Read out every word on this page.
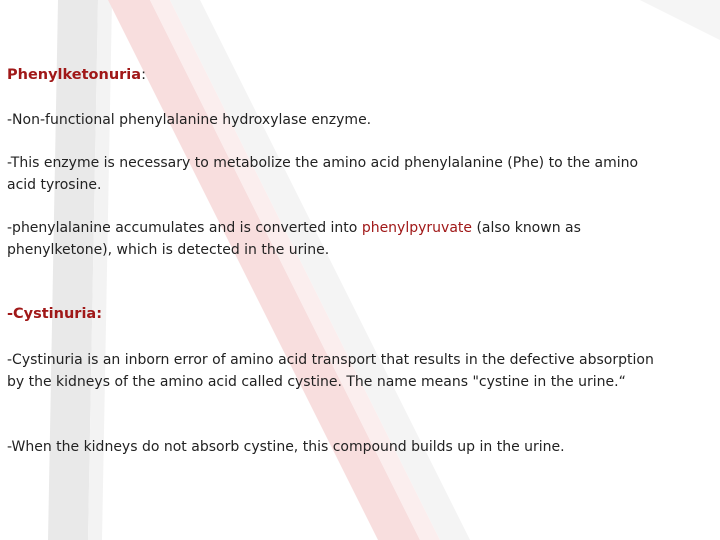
Phenylketonuria:

-Non-functional phenylalanine hydroxylase enzyme.

-This enzyme is necessary to metabolize the amino acid phenylalanine (Phe) to the amino acid tyrosine.

-phenylalanine accumulates and is converted into phenylpyruvate (also known as phenylketone), which is detected in the urine.

-Cystinuria:

-Cystinuria is an inborn error of amino acid transport that results in the defective absorption by the kidneys of the amino acid called cystine. The name means "cystine in the urine.“

-When the kidneys do not absorb cystine, this compound builds up in the urine.
